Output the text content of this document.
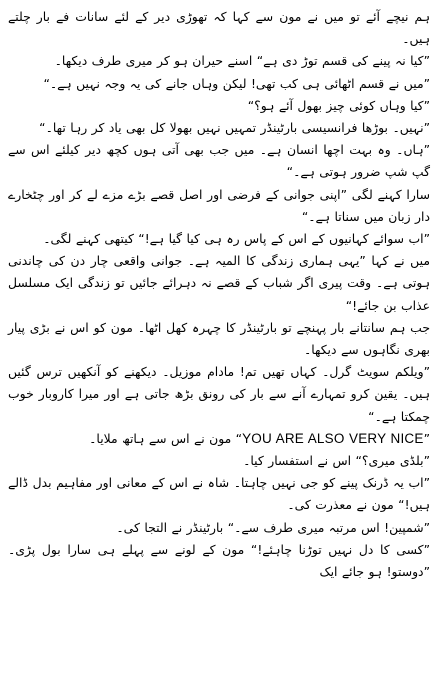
ہم نیچے آئے تو میں نے مون سے کہا کہ تھوڑی دیر کے لئے سانات فے بار چلتے ہیں۔

”کیا نہ پینے کی قسم توڑ دی ہے“ اسنے حیران ہو کر میری طرف دیکھا۔

”میں نے قسم اٹھائی ہی کب تھی! لیکن وہاں جانے کی یہ وجہ نہیں ہے۔“

”کیا وہاں کوئی چیز بھول آئے ہو؟“

”نہیں۔ بوڑھا فرانسیسی بارٹینڈر تمہیں نہیں بھولا کل بھی یاد کر رہا تھا۔“

”ہاں۔ وہ بہت اچھا انسان ہے۔ میں جب بھی آتی ہوں کچھ دیر کیلئے اس سے گپ شپ ضرور ہوتی ہے۔“

سارا کہنے لگی ”اپنی جوانی کے فرضی اور اصل قصے بڑے مزے لے کر اور چٹخارے دار زبان میں سناتا ہے۔“

”اب سوائے کہانیوں کے اس کے پاس رہ ہی کیا گیا ہے!“ کیتھی کہنے لگی۔

میں نے کہا ”یہی ہماری زندگی کا المیہ ہے۔ جوانی واقعی چار دن کی چاندنی ہوتی ہے۔ وقت پیری اگر شباب کے قصے نہ دہرائے جائیں تو زندگی ایک مسلسل عذاب بن جائے!“

جب ہم سانتانے بار پہنچے تو بارٹینڈر کا چہرہ کھل اٹھا۔ مون کو اس نے بڑی پیار بھری نگاہوں سے دیکھا۔

”ویلکم سویٹ گرل۔ کہاں تھیں تم! مادام موزیل۔ دیکھنے کو آنکھیں ترس گئیں ہیں۔ یقین کرو تمہارے آنے سے بار کی رونق بڑھ جاتی ہے اور میرا کاروبار خوب چمکتا ہے۔“

”YOU ARE ALSO VERY NICE“ مون نے اس سے ہاتھ ملایا۔

”بلڈی میری؟“ اس نے استفسار کیا۔

”اب یہ ڈرنک پینے کو جی نہیں چاہتا۔ شاہ نے اس کے معانی اور مفاہیم بدل ڈالے ہیں!“ مون نے معذرت کی۔

”شمپین! اس مرتبہ میری طرف سے۔“ بارٹینڈر نے التجا کی۔

”کسی کا دل نہیں توڑنا چاہئے!“ مون کے لونے سے پہلے ہی سارا بول پڑی۔ ”دوستو! ہو جائے ایک
